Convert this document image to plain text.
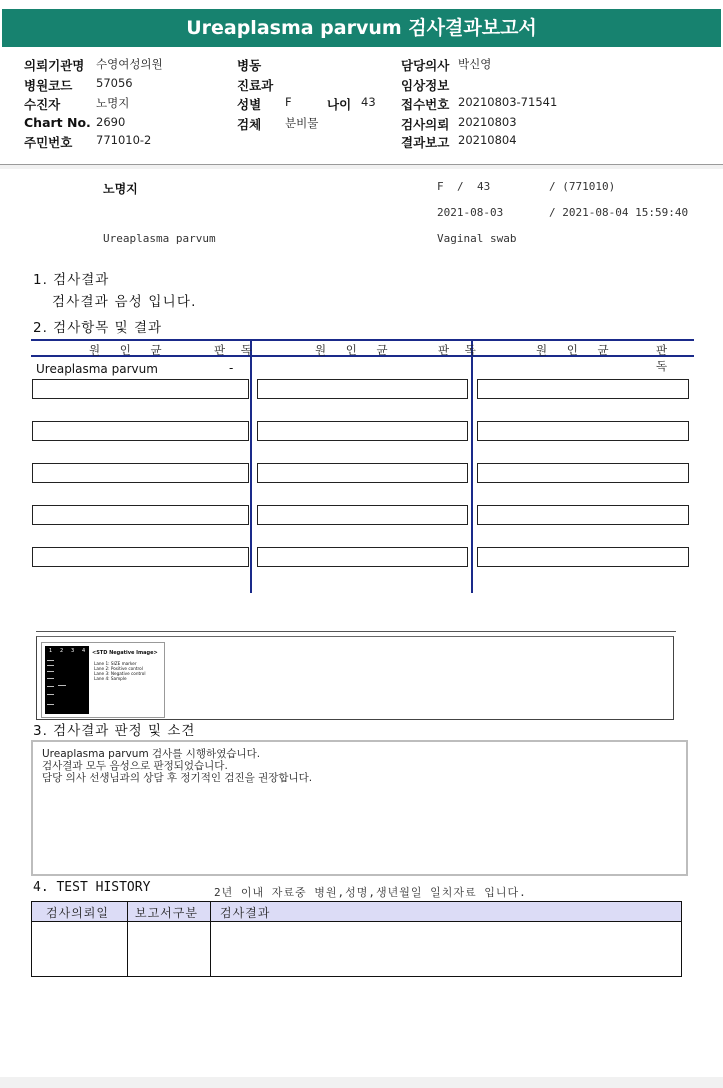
Ureaplasma parvum 검사결과보고서
의뢰기관명 수영여성의원	병동	담당의사 박신영
병원코드 57056	진료과	임상정보
수진자	노명지	성별 F	나이 43 접수번호 20210803-71541
Chart No. 2690	검체 분비물	검사의뢰 20210803
주민번호 771010-2	결과보고 20210804
노명지	F / 43	/ (771010)
2021-08-03	/ 2021-08-04 15:59:40
Ureaplasma parvum	Vaginal swab
1. 검사결과
검사결과 음성 입니다.
2. 검사항목 및 결과
원 인 균	판 독	원 인 균	판 독	원 인 균	판 독
Ureaplasma parvum	-
1 2 3 4 <STD Negative Image>
Lane 1: SIZE marker
Lane 2: Positive control
Lane 3: Negative control
Lane 4: Sample
3. 검사결과 판정 및 소견
Ureaplasma parvum 검사를 시행하였습니다.
검사결과 모두 음성으로 판정되었습니다.
담당 의사 선생님과의 상담 후 정기적인 검진을 권장합니다.
4. TEST HISTORY	2년 이내 자료중 병원,성명,생년월일 일치자료 입니다.
검사의뢰일 보고서구분 검사결과
